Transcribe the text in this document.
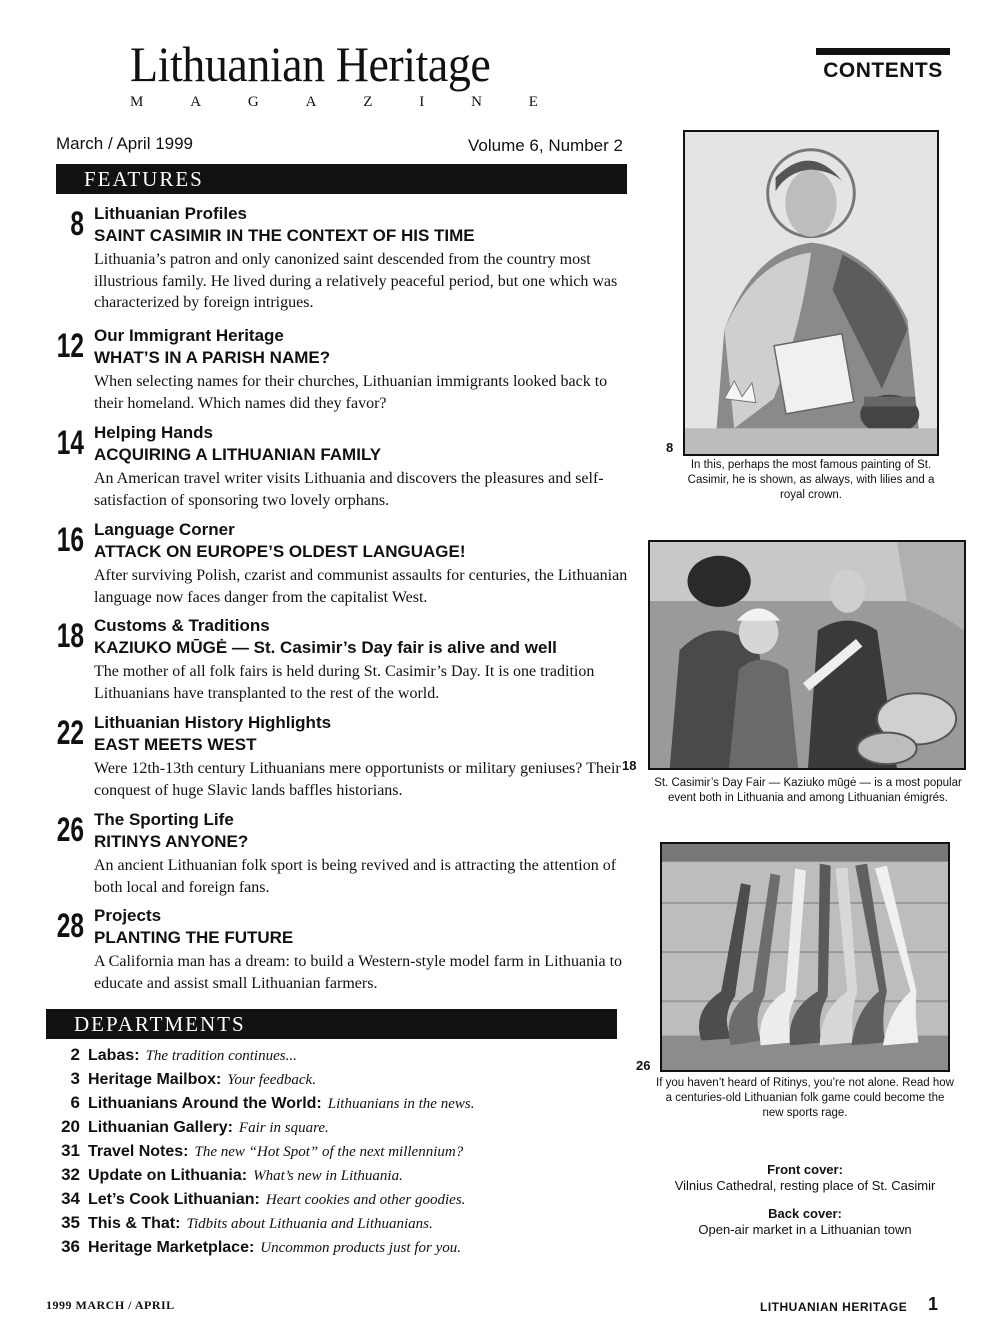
Lithuanian Heritage
M	A	G	A	Z	I	N	E
March / April 1999	Volume 6, Number 2
CONTENTS
FEATURES
8 Lithuanian Profiles
SAINT CASIMIR IN THE CONTEXT OF HIS TIME
Lithuania’s patron and only canonized saint descended from the country most illustrious family. He lived during a relatively peaceful period, but one which was characterized by foreign intrigues.
12 Our Immigrant Heritage
WHAT’S IN A PARISH NAME?
When selecting names for their churches, Lithuanian immigrants looked back to their homeland. Which names did they favor?
14 Helping Hands
ACQUIRING A LITHUANIAN FAMILY
An American travel writer visits Lithuania and discovers the pleasures and self-satisfaction of sponsoring two lovely orphans.
16 Language Corner
ATTACK ON EUROPE’S OLDEST LANGUAGE!
After surviving Polish, czarist and communist assaults for centuries, the Lithuanian language now faces danger from the capitalist West.
18 Customs & Traditions
KAZIUKO MŪGĖ — St. Casimir’s Day fair is alive and well
The mother of all folk fairs is held during St. Casimir’s Day. It is one tradition Lithuanians have transplanted to the rest of the world.
22 Lithuanian History Highlights
EAST MEETS WEST
Were 12th-13th century Lithuanians mere opportunists or military geniuses? Their conquest of huge Slavic lands baffles historians.
26 The Sporting Life
RITINYS ANYONE?
An ancient Lithuanian folk sport is being revived and is attracting the attention of both local and foreign fans.
28 Projects
PLANTING THE FUTURE
A California man has a dream: to build a Western-style model farm in Lithuania to educate and assist small Lithuanian farmers.
DEPARTMENTS
2 Labas: The tradition continues...
3 Heritage Mailbox: Your feedback.
6 Lithuanians Around the World: Lithuanians in the news.
20 Lithuanian Gallery: Fair in square.
31 Travel Notes: The new “Hot Spot” of the next millennium?
32 Update on Lithuania: What’s new in Lithuania.
34 Let’s Cook Lithuanian: Heart cookies and other goodies.
35 This & That: Tidbits about Lithuania and Lithuanians.
36 Heritage Marketplace: Uncommon products just for you.
8
In this, perhaps the most famous painting of St. Casimir, he is shown, as always, with lilies and a royal crown.
18
St. Casimir’s Day Fair — Kaziuko mūgė — is a most popular event both in Lithuania and among Lithuanian émigrés.
26
If you haven’t heard of Ritinys, you’re not alone. Read how a centuries-old Lithuanian folk game could become the new sports rage.
Front cover:
Vilnius Cathedral, resting place of St. Casimir
Back cover:
Open-air market in a Lithuanian town
1999 MARCH / APRIL	LITHUANIAN HERITAGE 1
